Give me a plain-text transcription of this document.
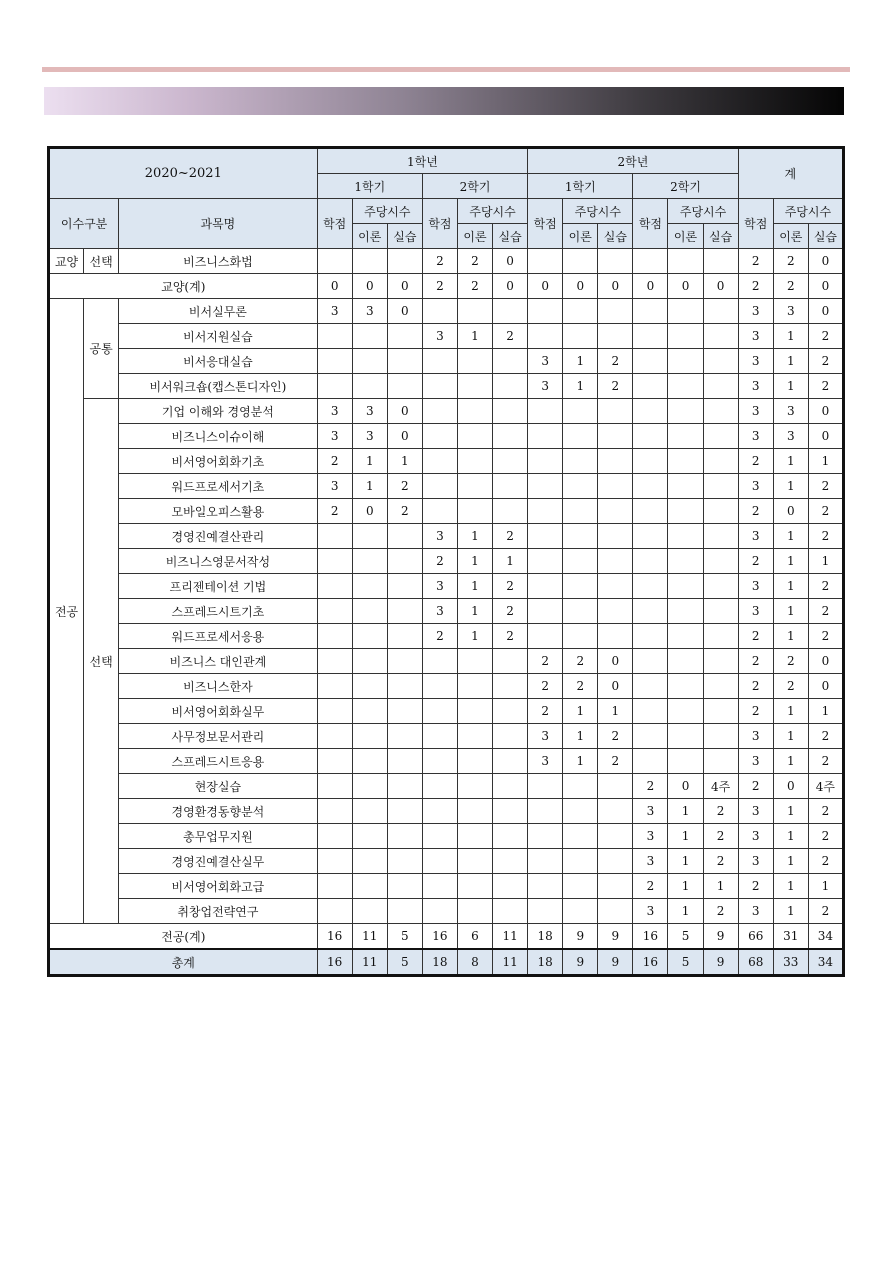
2020~2021			1학년						2학년						계		
			1학기			2학기			1학기			2학기					
이수구분		과목명	학점	주당시수		학점	주당시수		학점	주당시수		학점	주당시수		학점	주당시수	
				이론	실습		이론	실습		이론	실습		이론	실습		이론	실습
교양	선택	비즈니스화법				2	2	0							2	2	0
교양(계)			0	0	0	2	2	0	0	0	0	0	0	0	2	2	0
전공	공통	비서실무론	3	3	0										3	3	0
		비서지원실습				3	1	2							3	1	2
		비서응대실습							3	1	2				3	1	2
		비서워크숍(캡스톤디자인)							3	1	2				3	1	2
	선택	기업 이해와 경영분석	3	3	0										3	3	0
		비즈니스이슈이해	3	3	0										3	3	0
		비서영어회화기초	2	1	1										2	1	1
		워드프로세서기초	3	1	2										3	1	2
		모바일오피스활용	2	0	2										2	0	2
		경영진예결산관리				3	1	2							3	1	2
		비즈니스영문서작성				2	1	1							2	1	1
		프리젠테이션 기법				3	1	2							3	1	2
		스프레드시트기초				3	1	2							3	1	2
		워드프로세서응용				2	1	2							2	1	2
		비즈니스 대인관계							2	2	0				2	2	0
		비즈니스한자							2	2	0				2	2	0
		비서영어회화실무							2	1	1				2	1	1
		사무정보문서관리							3	1	2				3	1	2
		스프레드시트응용							3	1	2				3	1	2
		현장실습										2	0	4주	2	0	4주
		경영환경동향분석										3	1	2	3	1	2
		총무업무지원										3	1	2	3	1	2
		경영진예결산실무										3	1	2	3	1	2
		비서영어회화고급										2	1	1	2	1	1
		취창업전략연구										3	1	2	3	1	2
전공(계)			16	11	5	16	6	11	18	9	9	16	5	9	66	31	34
총계			16	11	5	18	8	11	18	9	9	16	5	9	68	33	34
